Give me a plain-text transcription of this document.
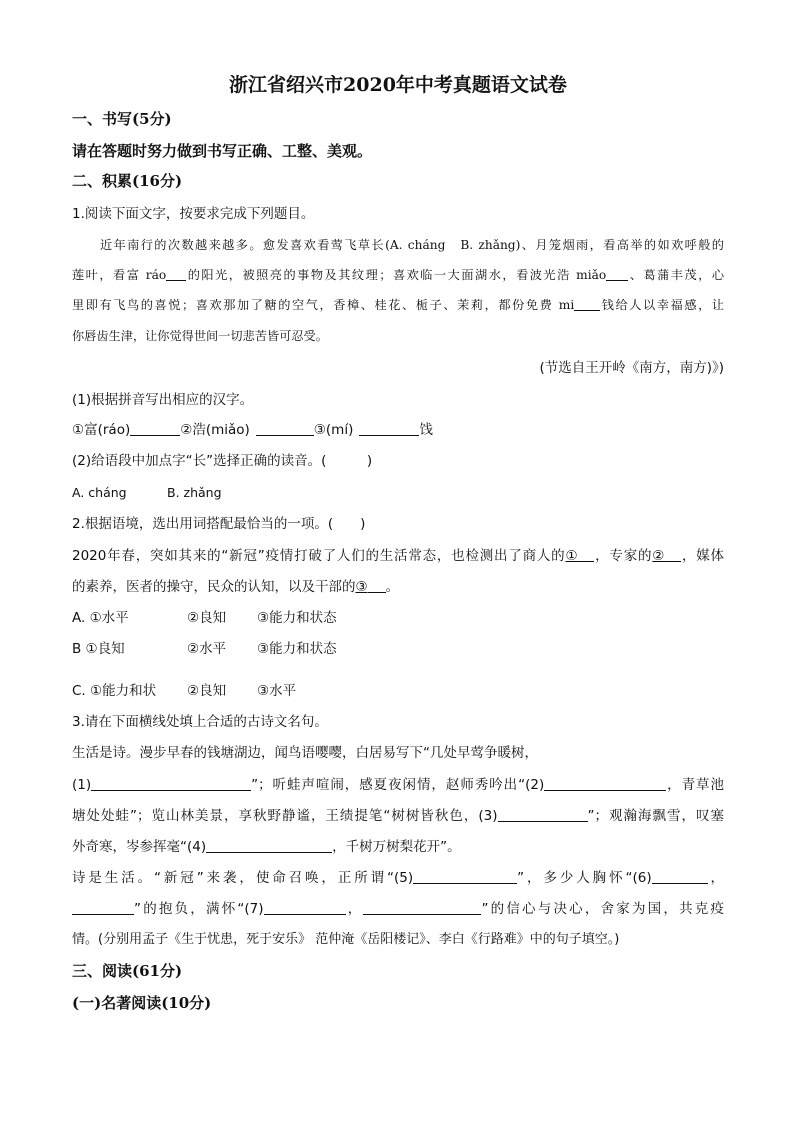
浙江省绍兴市2020年中考真题语文试卷
一、书写(5分)
请在答题时努力做到书写正确、工整、美观。
二、积累(16分)
1.阅读下面文字，按要求完成下列题目。
近年南行的次数越来越多。愈发喜欢看莺飞草长(A. cháng　B. zhǎng)、月笼烟雨，看高举的如欢呼般的
莲叶，看富 ráo 的阳光，被照亮的事物及其纹理；喜欢临一大面湖水，看波光浩 miǎo 、葛蒲丰茂，心
里即有飞鸟的喜悦；喜欢那加了糖的空气，香樟、桂花、栀子、茉莉，都份免费 mi 钱给人以幸福感，让
你唇齿生津，让你觉得世间一切悲苦皆可忍受。
(节选自王开岭《南方，南方)》)
(1)根据拼音写出相应的汉字。
①富(ráo)	②浩(miǎo)	③(mí)	饯
(2)给语段中加点字“长”选择正确的读音。(　　　)
A. cháng	B. zhǎng
2.根据语境，选出用词搭配最恰当的一项。(　　)
2020年春，突如其来的“新冠”疫情打破了人们的生活常态，也检测出了商人的① ，专家的② ，媒体
的素养，医者的操守，民众的认知，以及干部的③ 。
A. ①水平	②良知 ③能力和状态
B ①良知	②水平 ③能力和状态
C. ①能力和状 ②良知 ③水平
3.请在下面横线处填上合适的古诗文名句。
生活是诗。漫步早春的钱塘湖边，闻鸟语嘤嘤，白居易写下“几处早莺争暖树，
(1)	”；听蛙声喧闹，感夏夜闲情，赵师秀吟出“(2)	，青草池
塘处处蛙”；览山林美景，享秋野静谧，王绩提笔“树树皆秋色，(3)	”；观瀚海飘雪，叹塞
外奇寒，岑参挥毫“(4)	，千树万树梨花开”。
诗是生活。“新冠”来袭，使命召唤，正所谓“(5)	”，多少人胸怀“(6)	，
”的抱负，满怀“(7)	，	”的信心与决心，舍家为国，共克疫
情。(分别用孟子《生于忧患，死于安乐》 范仲淹《岳阳楼记》、李白《行路难》中的句子填空。)
三、阅读(61分)
(一)名著阅读(10分)
